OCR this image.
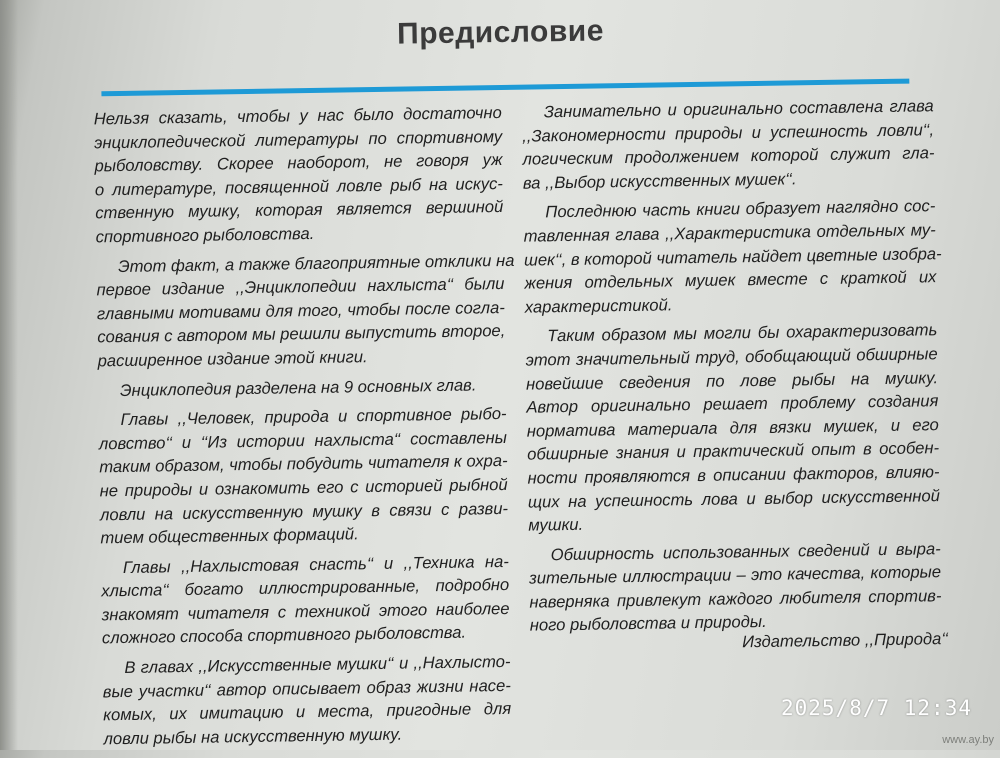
Предисловие

Нельзя сказать, чтобы у нас было достаточно
энциклопедической литературы по спортивному
рыболовству. Скорее наоборот, не говоря уж
о литературе, посвященной ловле рыб на искус-
ственную мушку, которая является вершиной
спортивного рыболовства.

Этот факт, а также благоприятные отклики на
первое издание ,,Энциклопедии нахлыста‘‘ были
главными мотивами для того, чтобы после согла-
сования с автором мы решили выпустить второе,
расширенное издание этой книги.

Энциклопедия разделена на 9 основных глав.

Главы ,,Человек, природа и спортивное рыбо-
ловство‘‘ и ‘‘Из истории нахлыста‘‘ составлены
таким образом, чтобы побудить читателя к охра-
не природы и ознакомить его с историей рыбной
ловли на искусственную мушку в связи с разви-
тием общественных формаций.

Главы ,,Нахлыстовая снасть‘‘ и ,,Техника на-
хлыста‘‘ богато иллюстрированные, подробно
знакомят читателя с техникой этого наиболее
сложного способа спортивного рыболовства.

В главах ,,Искусственные мушки‘‘ и ,,Нахлысто-
вые участки‘‘ автор описывает образ жизни насе-
комых, их имитацию и места, пригодные для
ловли рыбы на искусственную мушку.

Занимательно и оригинально составлена глава
,,Закономерности природы и успешность ловли‘‘,
логическим продолжением которой служит гла-
ва ,,Выбор искусственных мушек‘‘.

Последнюю часть книги образует наглядно сос-
тавленная глава ,,Характеристика отдельных му-
шек‘‘, в которой читатель найдет цветные изобра-
жения отдельных мушек вместе с краткой их
характеристикой.

Таким образом мы могли бы охарактеризовать
этот значительный труд, обобщающий обширные
новейшие сведения по лове рыбы на мушку.
Автор оригинально решает проблему создания
норматива материала для вязки мушек, и его
обширные знания и практический опыт в особен-
ности проявляются в описании факторов, влияю-
щих на успешность лова и выбор искусственной
мушки.

Обширность использованных сведений и выра-
зительные иллюстрации – это качества, которые
наверняка привлекут каждого любителя спортив-
ного рыболовства и природы.

Издательство ,,Природа‘‘
2025/8/7 12:34
www.ay.by
